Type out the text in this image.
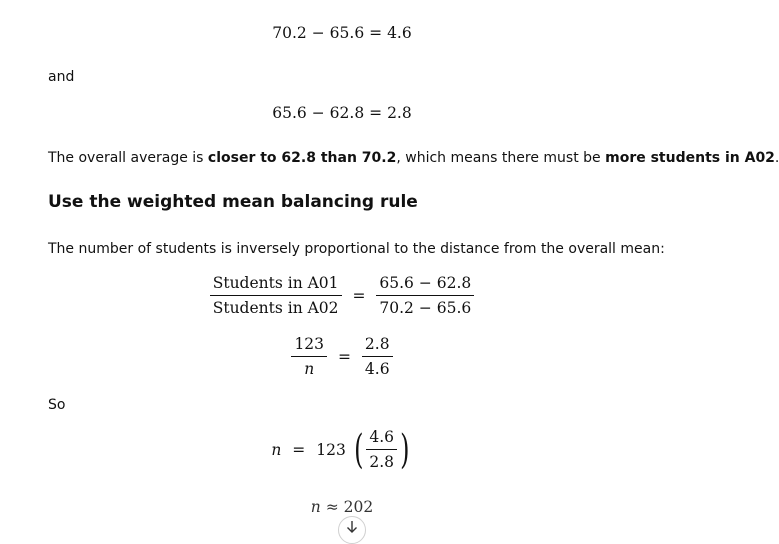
70.2 − 65.6 = 4.6
and
65.6 − 62.8 = 2.8
The overall average is closer to 62.8 than 70.2, which means there must be more students in A02.
Use the weighted mean balancing rule
The number of students is inversely proportional to the distance from the overall mean:
$\frac{\text{Students in A01}}{\text{Students in A02}} = \frac{65.6 - 62.8}{70.2 - 65.6}$
$\frac{123}{n} = \frac{2.8}{4.6}$
So
n = 123 ( $\frac{4.6}{2.8}$ )
n ≈ 202
